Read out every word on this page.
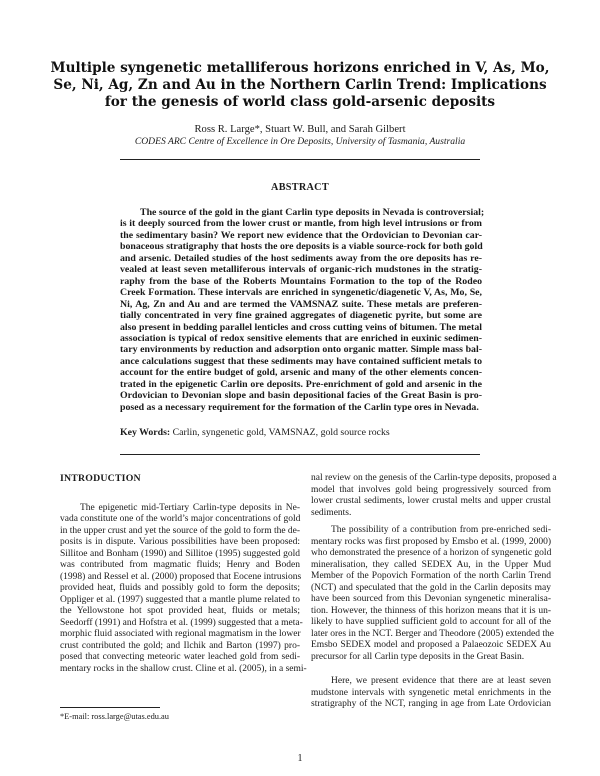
Multiple syngenetic metalliferous horizons enriched in V, As, Mo,
Se, Ni, Ag, Zn and Au in the Northern Carlin Trend: Implications
for the genesis of world class gold-arsenic deposits
Ross R. Large*, Stuart W. Bull, and Sarah Gilbert
CODES ARC Centre of Excellence in Ore Deposits, University of Tasmania, Australia
ABSTRACT
The source of the gold in the giant Carlin type deposits in Nevada is controversial;
is it deeply sourced from the lower crust or mantle, from high level intrusions or from
the sedimentary basin? We report new evidence that the Ordovician to Devonian car-
bonaceous stratigraphy that hosts the ore deposits is a viable source-rock for both gold
and arsenic. Detailed studies of the host sediments away from the ore deposits has re-
vealed at least seven metalliferous intervals of organic-rich mudstones in the stratig-
raphy from the base of the Roberts Mountains Formation to the top of the Rodeo
Creek Formation. These intervals are enriched in syngenetic/diagenetic V, As, Mo, Se,
Ni, Ag, Zn and Au and are termed the VAMSNAZ suite. These metals are preferen-
tially concentrated in very fine grained aggregates of diagenetic pyrite, but some are
also present in bedding parallel lenticles and cross cutting veins of bitumen. The metal
association is typical of redox sensitive elements that are enriched in euxinic sedimen-
tary environments by reduction and adsorption onto organic matter. Simple mass bal-
ance calculations suggest that these sediments may have contained sufficient metals to
account for the entire budget of gold, arsenic and many of the other elements concen-
trated in the epigenetic Carlin ore deposits. Pre-enrichment of gold and arsenic in the
Ordovician to Devonian slope and basin depositional facies of the Great Basin is pro-
posed as a necessary requirement for the formation of the Carlin type ores in Nevada.
Key Words: Carlin, syngenetic gold, VAMSNAZ, gold source rocks
INTRODUCTION
The epigenetic mid-Tertiary Carlin-type deposits in Ne-
vada constitute one of the world’s major concentrations of gold
in the upper crust and yet the source of the gold to form the de-
posits is in dispute. Various possibilities have been proposed:
Sillitoe and Bonham (1990) and Sillitoe (1995) suggested gold
was contributed from magmatic fluids; Henry and Boden
(1998) and Ressel et al. (2000) proposed that Eocene intrusions
provided heat, fluids and possibly gold to form the deposits;
Oppliger et al. (1997) suggested that a mantle plume related to
the Yellowstone hot spot provided heat, fluids or metals;
Seedorff (1991) and Hofstra et al. (1999) suggested that a meta-
morphic fluid associated with regional magmatism in the lower
crust contributed the gold; and Ilchik and Barton (1997) pro-
posed that convecting meteoric water leached gold from sedi-
mentary rocks in the shallow crust. Cline et al. (2005), in a semi-
nal review on the genesis of the Carlin-type deposits, proposed a
model that involves gold being progressively sourced from
lower crustal sediments, lower crustal melts and upper crustal
sediments.
The possibility of a contribution from pre-enriched sedi-
mentary rocks was first proposed by Emsbo et al. (1999, 2000)
who demonstrated the presence of a horizon of syngenetic gold
mineralisation, they called SEDEX Au, in the Upper Mud
Member of the Popovich Formation of the north Carlin Trend
(NCT) and speculated that the gold in the Carlin deposits may
have been sourced from this Devonian syngenetic mineralisa-
tion. However, the thinness of this horizon means that it is un-
likely to have supplied sufficient gold to account for all of the
later ores in the NCT. Berger and Theodore (2005) extended the
Emsbo SEDEX model and proposed a Palaeozoic SEDEX Au
precursor for all Carlin type deposits in the Great Basin.
Here, we present evidence that there are at least seven
mudstone intervals with syngenetic metal enrichments in the
stratigraphy of the NCT, ranging in age from Late Ordovician
*E-mail: ross.large@utas.edu.au
1
